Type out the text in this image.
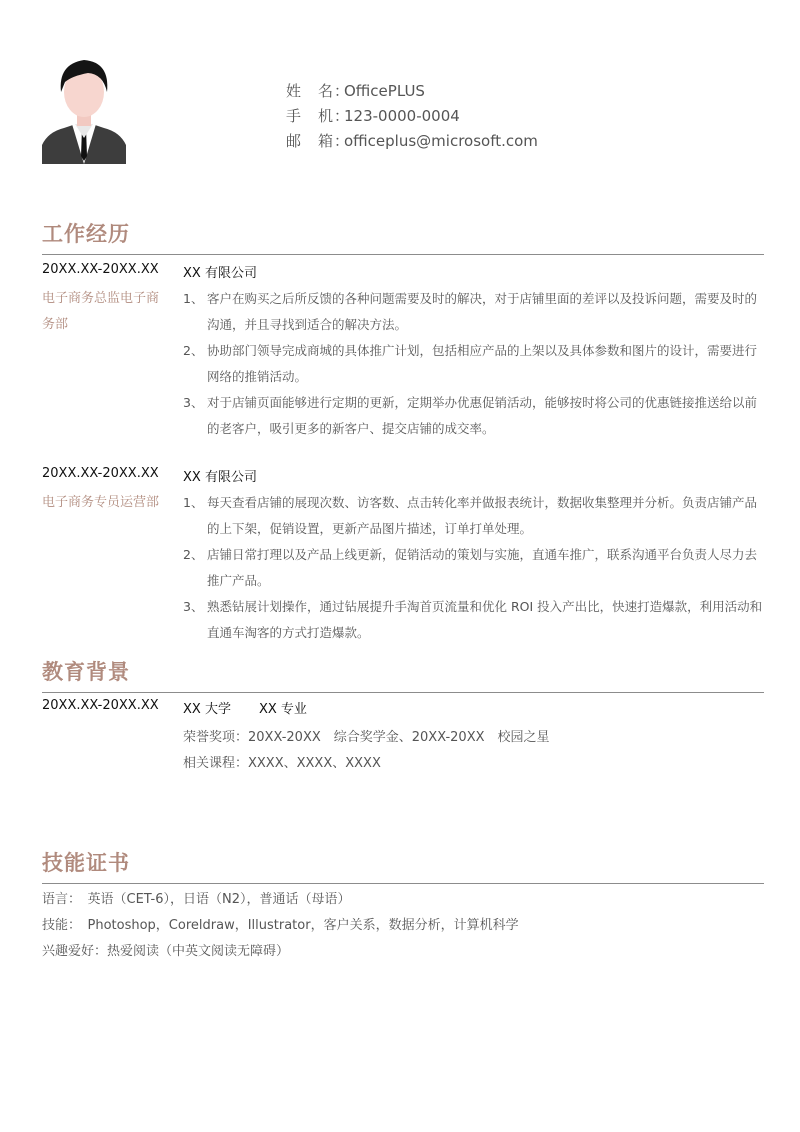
姓　名：OfficePLUS
手　机：123-0000-0004
邮　箱：officeplus@microsoft.com
工作经历
20XX.XX-20XX.XX XX 有限公司
电子商务总监电子商务部
1、 客户在购买之后所反馈的各种问题需要及时的解决，对于店铺里面的差评以及投诉问题，需要及时的沟通，并且寻找到适合的解决方法。
2、 协助部门领导完成商城的具体推广计划，包括相应产品的上架以及具体参数和图片的设计，需要进行网络的推销活动。
3、 对于店铺页面能够进行定期的更新，定期举办优惠促销活动，能够按时将公司的优惠链接推送给以前的老客户，吸引更多的新客户、提交店铺的成交率。
20XX.XX-20XX.XX XX 有限公司
电子商务专员运营部	1、 每天查看店铺的展现次数、访客数、点击转化率并做报表统计，数据收集整理并分析。负责店铺产品的上下架，促销设置，更新产品图片描述，订单打单处理。
2、 店铺日常打理以及产品上线更新，促销活动的策划与实施，直通车推广，联系沟通平台负责人尽力去推广产品。
3、 熟悉钻展计划操作，通过钻展提升手淘首页流量和优化 ROI 投入产出比，快速打造爆款，利用活动和直通车淘客的方式打造爆款。
教育背景
20XX.XX-20XX.XX XX 大学 XX 专业
荣誉奖项：20XX-20XX　综合奖学金、20XX-20XX　校园之星
相关课程：XXXX、XXXX、XXXX
技能证书
语言：　英语（CET-6），日语（N2），普通话（母语）
技能：　Photoshop，Coreldraw，Illustrator，客户关系，数据分析，计算机科学
兴趣爱好：热爱阅读（中英文阅读无障碍）
